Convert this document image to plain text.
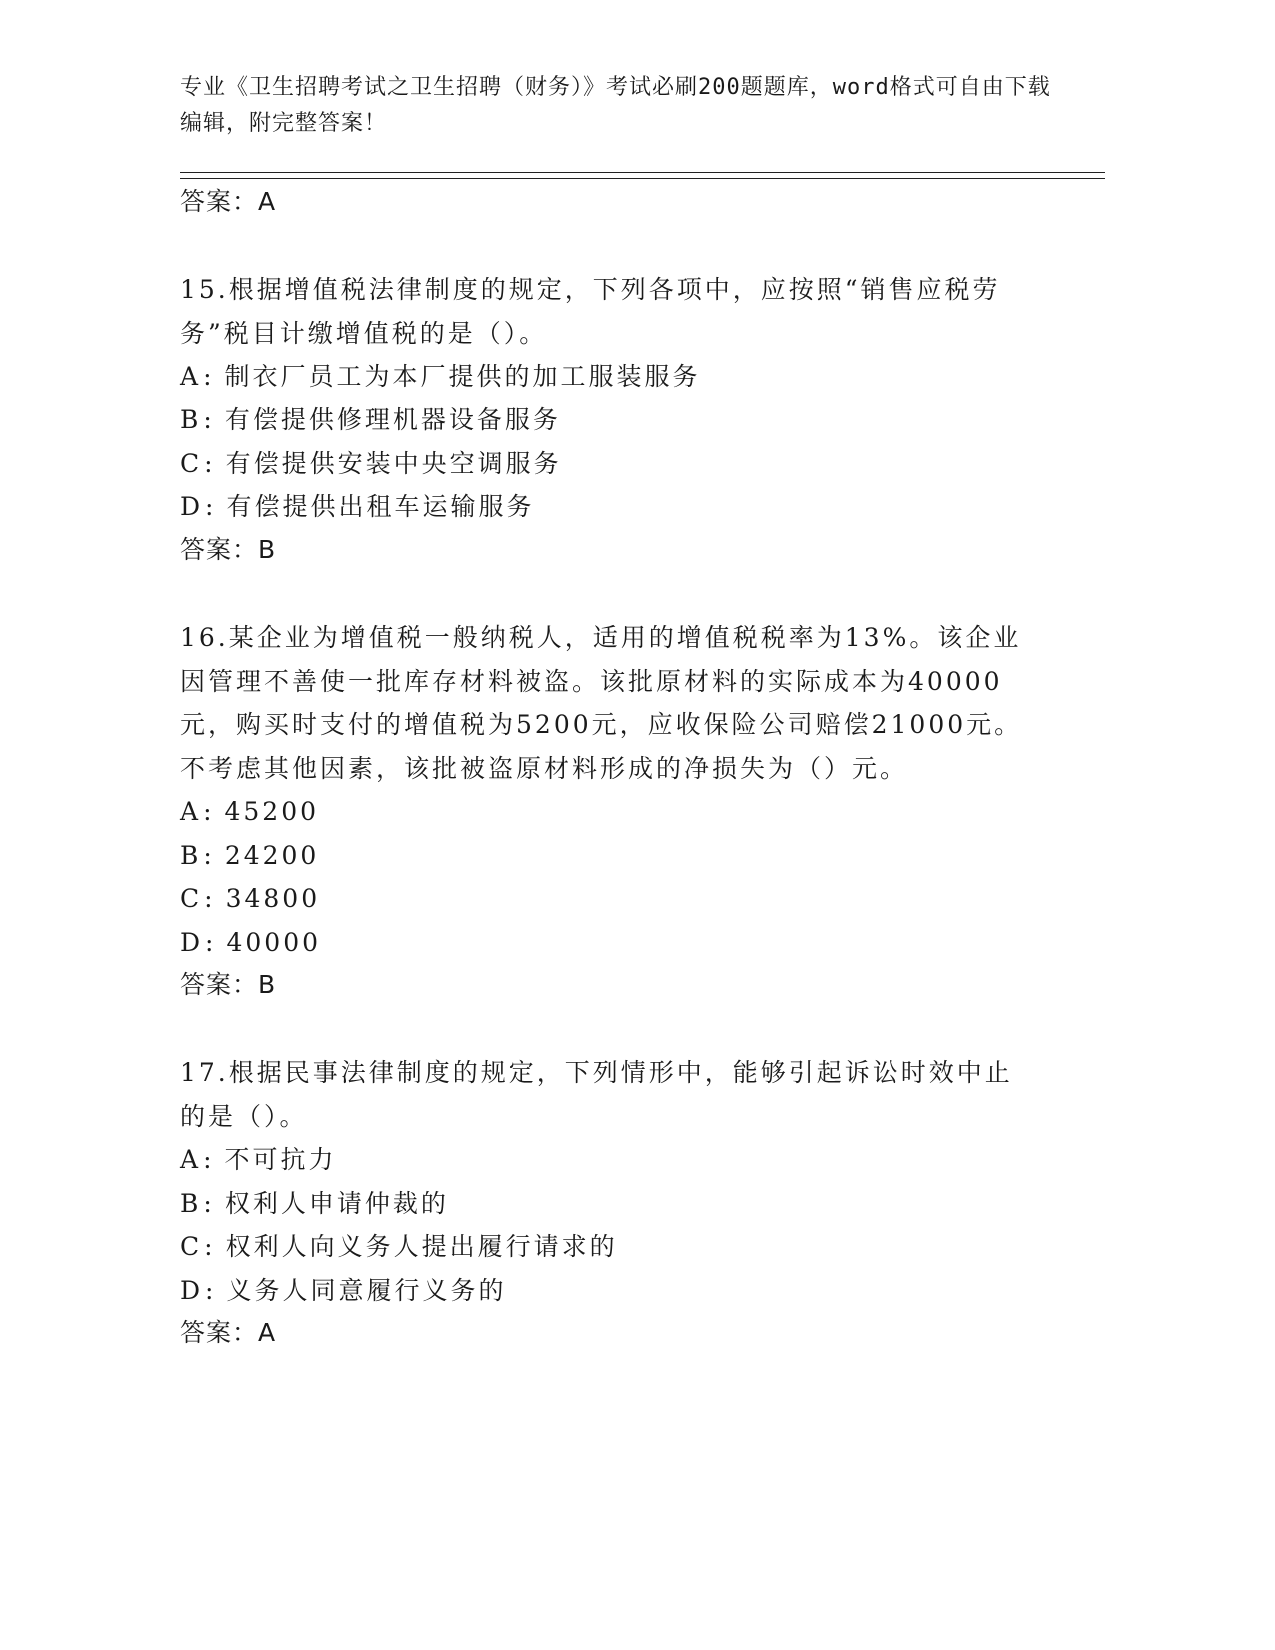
专业《卫生招聘考试之卫生招聘（财务）》考试必刷200题题库，word格式可自由下载编辑，附完整答案！
答案：A
15.根据增值税法律制度的规定，下列各项中，应按照“销售应税劳务”税目计缴增值税的是（）。
A: 制衣厂员工为本厂提供的加工服装服务
B: 有偿提供修理机器设备服务
C: 有偿提供安装中央空调服务
D: 有偿提供出租车运输服务
答案：B
16.某企业为增值税一般纳税人，适用的增值税税率为13%。该企业因管理不善使一批库存材料被盗。该批原材料的实际成本为40000元，购买时支付的增值税为5200元，应收保险公司赔偿21000元。不考虑其他因素，该批被盗原材料形成的净损失为（）元。
A: 45200
B: 24200
C: 34800
D: 40000
答案：B
17.根据民事法律制度的规定，下列情形中，能够引起诉讼时效中止的是（）。
A: 不可抗力
B: 权利人申请仲裁的
C: 权利人向义务人提出履行请求的
D: 义务人同意履行义务的
答案：A
